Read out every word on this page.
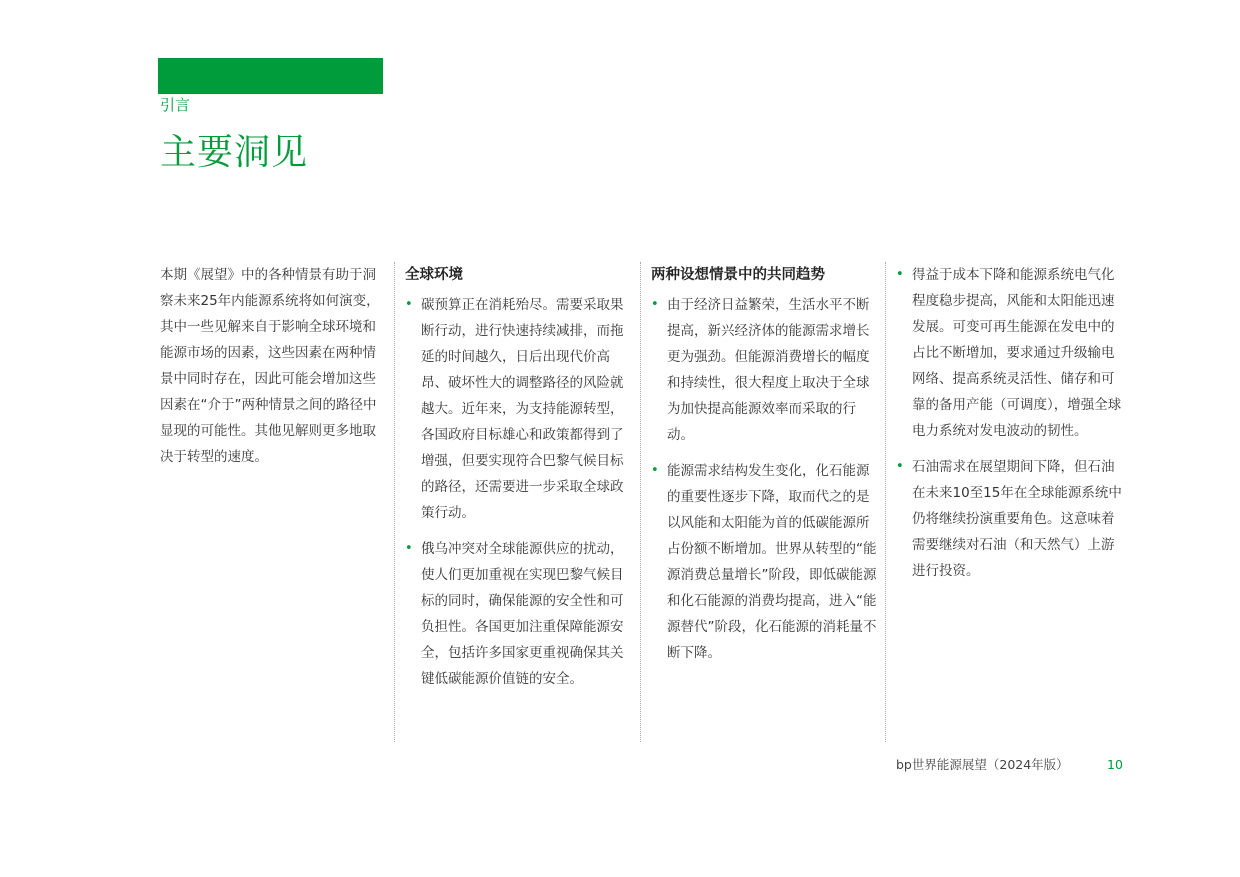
引言
主要洞见

本期《展望》中的各种情景有助于洞察未来25年内能源系统将如何演变，其中一些见解来自于影响全球环境和能源市场的因素，这些因素在两种情景中同时存在，因此可能会增加这些因素在“介于”两种情景之间的路径中显现的可能性。其他见解则更多地取决于转型的速度。

全球环境
• 碳预算正在消耗殆尽。需要采取果断行动，进行快速持续减排，而拖延的时间越久，日后出现代价高昂、破坏性大的调整路径的风险就越大。近年来，为支持能源转型，各国政府目标雄心和政策都得到了增强，但要实现符合巴黎气候目标的路径，还需要进一步采取全球政策行动。
• 俄乌冲突对全球能源供应的扰动，使人们更加重视在实现巴黎气候目标的同时，确保能源的安全性和可负担性。各国更加注重保障能源安全，包括许多国家更重视确保其关键低碳能源价值链的安全。
两种设想情景中的共同趋势
• 由于经济日益繁荣，生活水平不断提高，新兴经济体的能源需求增长更为强劲。但能源消费增长的幅度和持续性，很大程度上取决于全球为加快提高能源效率而采取的行动。
• 能源需求结构发生变化，化石能源的重要性逐步下降，取而代之的是以风能和太阳能为首的低碳能源所占份额不断增加。世界从转型的“能源消费总量增长”阶段，即低碳能源和化石能源的消费均提高，进入“能源替代”阶段，化石能源的消耗量不断下降。
• 得益于成本下降和能源系统电气化程度稳步提高，风能和太阳能迅速发展。可变可再生能源在发电中的占比不断增加，要求通过升级输电网络、提高系统灵活性、储存和可靠的备用产能（可调度），增强全球电力系统对发电波动的韧性。
• 石油需求在展望期间下降，但石油在未来10至15年在全球能源系统中仍将继续扮演重要角色。这意味着需要继续对石油（和天然气）上游进行投资。
bp世界能源展望（2024年版）	10
